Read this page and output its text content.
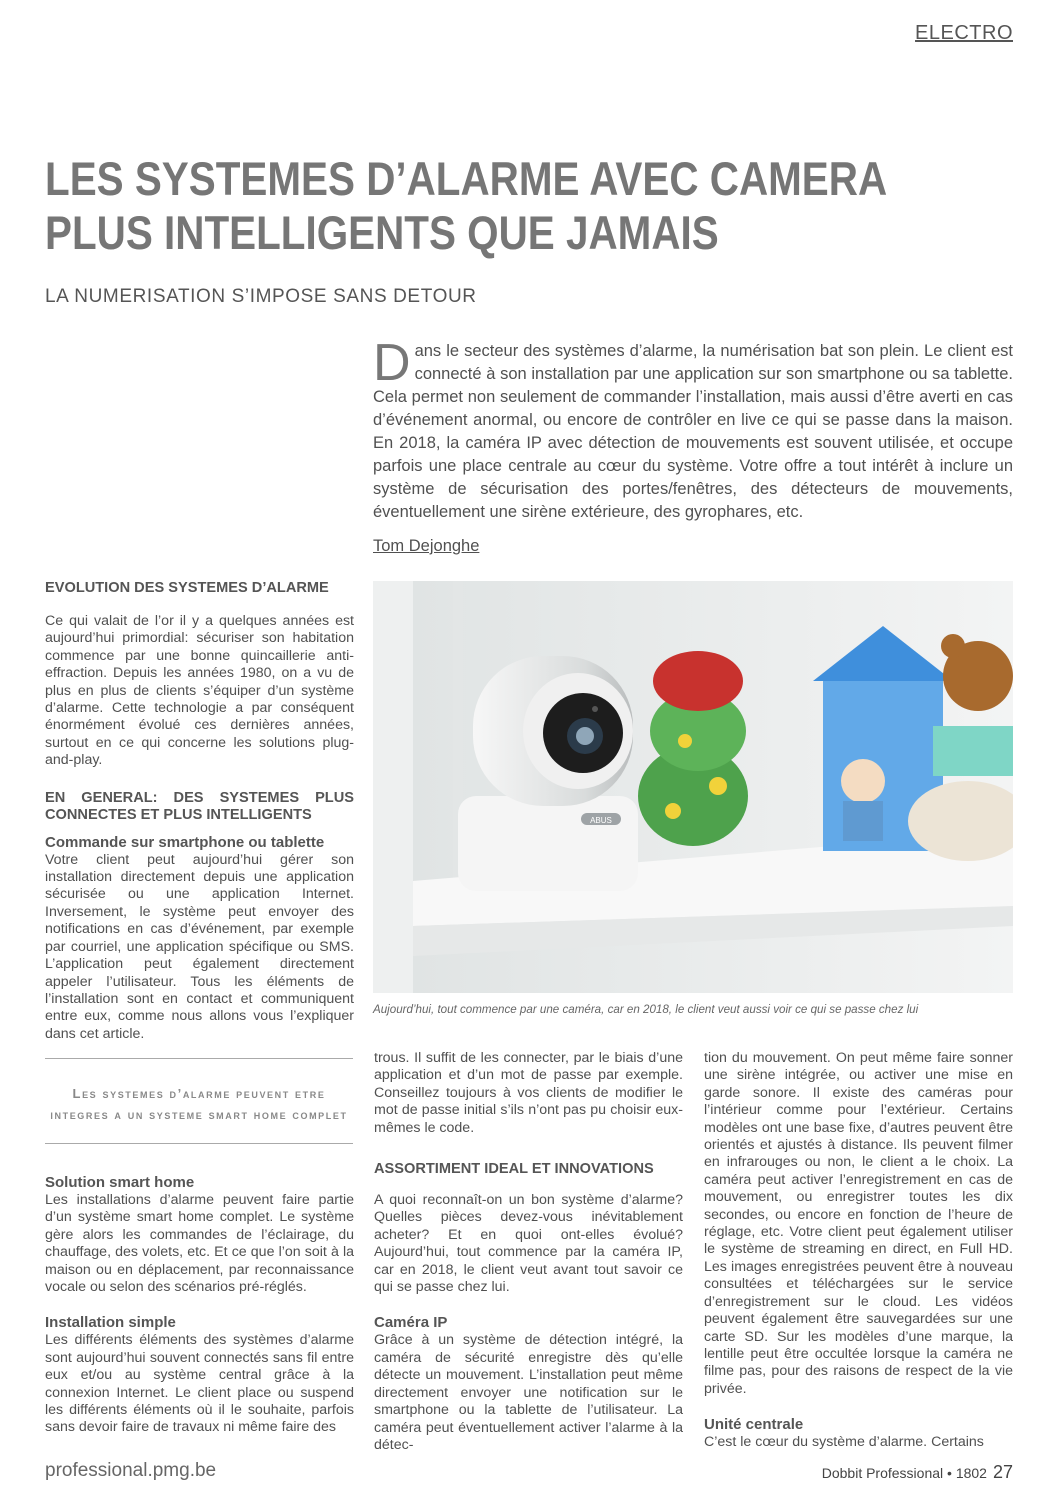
ELECTRO
LES SYSTEMES D’ALARME AVEC CAMERA
PLUS INTELLIGENTS QUE JAMAIS
LA NUMERISATION S’IMPOSE SANS DETOUR
Dans le secteur des systèmes d’alarme, la numérisation bat son plein. Le client est connecté à son installation par une application sur son smartphone ou sa tablette. Cela permet non seulement de commander l’installation, mais aussi d’être averti en cas d’événement anormal, ou encore de contrôler en live ce qui se passe dans la maison. En 2018, la caméra IP avec détection de mouvements est souvent utilisée, et occupe parfois une place centrale au cœur du système. Votre offre a tout intérêt à inclure un système de sécurisation des portes/fenêtres, des détecteurs de mouvements, éventuellement une sirène extérieure, des gyrophares, etc.
Tom Dejonghe
EVOLUTION DES SYSTEMES D’ALARME

Ce qui valait de l’or il y a quelques années est aujourd’hui primordial: sécuriser son habitation commence par une bonne quincaillerie anti-effraction. Depuis les années 1980, on a vu de plus en plus de clients s’équiper d’un système d’alarme. Cette technologie a par conséquent énormément évolué ces dernières années, surtout en ce qui concerne les solutions plug-and-play.

EN GENERAL: DES SYSTEMES PLUS CONNECTES ET PLUS INTELLIGENTS
Commande sur smartphone ou tablette

Votre client peut aujourd’hui gérer son installation directement depuis une application sécurisée ou une application Internet. Inversement, le système peut envoyer des notifications en cas d’événement, par exemple par courriel, une application spécifique ou SMS. L’application peut également directement appeler l’utilisateur. Tous les éléments de l’installation sont en contact et communiquent entre eux, comme nous allons vous l’expliquer dans cet article.

Les systemes d’alarme peuvent etre integres a un systeme smart home complet
Solution smart home

Les installations d’alarme peuvent faire partie d’un système smart home complet. Le système gère alors les commandes de l’éclairage, du chauffage, des volets, etc. Et ce que l’on soit à la maison ou en déplacement, par reconnaissance vocale ou selon des scénarios pré-réglés.

Installation simple

Les différents éléments des systèmes d’alarme sont aujourd’hui souvent connectés sans fil entre eux et/ou au système central grâce à la connexion Internet. Le client place ou suspend les différents éléments où il le souhaite, parfois sans devoir faire de travaux ni même faire des

ABUS
Aujourd’hui, tout commence par une caméra, car en 2018, le client veut aussi voir ce qui se passe chez lui

trous. Il suffit de les connecter, par le biais d’une application et d’un mot de passe par exemple. Conseillez toujours à vos clients de modifier le mot de passe initial s’ils n’ont pas pu choisir eux-mêmes le code.

ASSORTIMENT IDEAL ET INNOVATIONS

A quoi reconnaît-on un bon système d’alarme? Quelles pièces devez-vous inévitablement acheter? Et en quoi ont-elles évolué? Aujourd’hui, tout commence par la caméra IP, car en 2018, le client veut avant tout savoir ce qui se passe chez lui.

Caméra IP

Grâce à un système de détection intégré, la caméra de sécurité enregistre dès qu’elle détecte un mouvement. L’installation peut même directement envoyer une notification sur le smartphone ou la tablette de l’utilisateur. La caméra peut éventuellement activer l’alarme à la détec-

tion du mouvement. On peut même faire sonner une sirène intégrée, ou activer une mise en garde sonore. Il existe des caméras pour l’intérieur comme pour l’extérieur. Certains modèles ont une base fixe, d’autres peuvent être orientés et ajustés à distance. Ils peuvent filmer en infrarouges ou non, le client a le choix. La caméra peut activer l’enregistrement en cas de mouvement, ou enregistrer toutes les dix secondes, ou encore en fonction de l’heure de réglage, etc. Votre client peut également utiliser le système de streaming en direct, en Full HD. Les images enregistrées peuvent être à nouveau consultées et téléchargées sur le service d’enregistrement sur le cloud. Les vidéos peuvent également être sauvegardées sur une carte SD. Sur les modèles d’une marque, la lentille peut être occultée lorsque la caméra ne filme pas, pour des raisons de respect de la vie privée.

Unité centrale

C’est le cœur du système d’alarme. Certains

professional.pmg.be	Dobbit Professional • 1802 27
